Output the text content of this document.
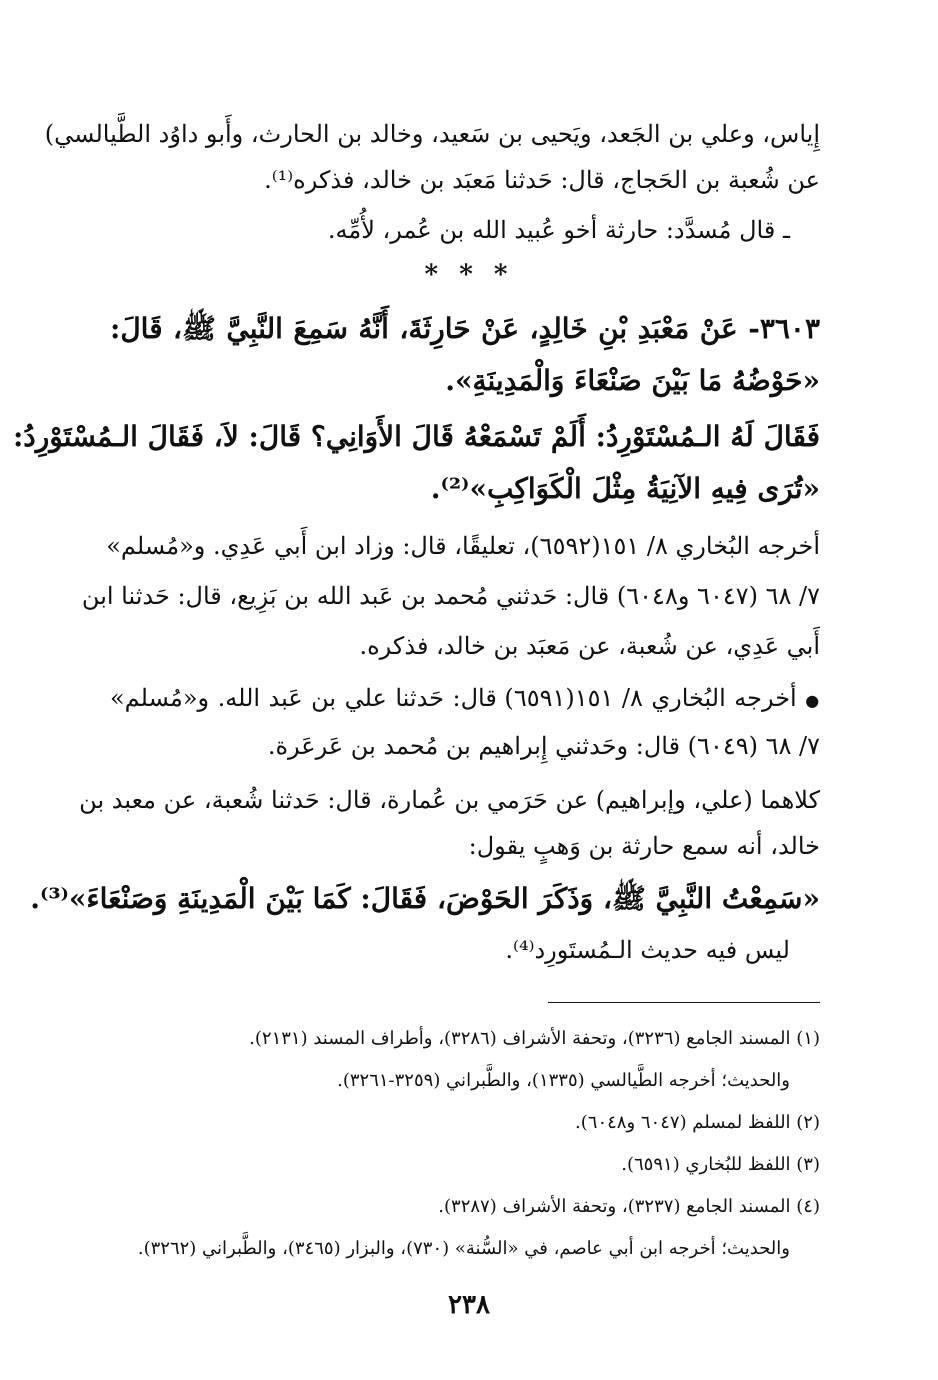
إِياس، وعلي بن الجَعد، ويَحيى بن سَعيد، وخالد بن الحارث، وأَبو داوُد الطَّيالسي)
عن شُعبة بن الحَجاج، قال: حَدثنا مَعبَد بن خالد، فذكره⁽¹⁾.
ـ قال مُسدَّد: حارثة أخو عُبيد الله بن عُمر، لأُمِّه.
* * *
٣٦٠٣- عَنْ مَعْبَدِ بْنِ خَالِدٍ، عَنْ حَارِثَةَ، أَنَّهُ سَمِعَ النَّبِيَّ ﷺ، قَالَ:
«حَوْضُهُ مَا بَيْنَ صَنْعَاءَ وَالْمَدِينَةِ».
فَقَالَ لَهُ الـمُسْتَوْرِدُ: أَلَمْ تَسْمَعْهُ قَالَ الأَوَانِي؟ قَالَ: لاَ، فَقَالَ الـمُسْتَوْرِدُ:
«تُرَى فِيهِ الآنِيَةُ مِثْلَ الْكَوَاكِبِ»⁽²⁾.
أخرجه البُخاري ٨/ ١٥١(٦٥٩٢)، تعليقًا، قال: وزاد ابن أَبي عَدِي. و«مُسلم»
٧/ ٦٨ (٦٠٤٧ و٦٠٤٨) قال: حَدثني مُحمد بن عَبد الله بن بَزِيع، قال: حَدثنا ابن
أَبي عَدِي، عن شُعبة، عن مَعبَد بن خالد، فذكره.
● أخرجه البُخاري ٨/ ١٥١(٦٥٩١) قال: حَدثنا علي بن عَبد الله. و«مُسلم»
٧/ ٦٨ (٦٠٤٩) قال: وحَدثني إِبراهيم بن مُحمد بن عَرعَرة.
كلاهما (علي، وإبراهيم) عن حَرَمي بن عُمارة، قال: حَدثنا شُعبة، عن معبد بن
خالد، أنه سمع حارثة بن وَهبٍ يقول:
«سَمِعْتُ النَّبِيَّ ﷺ، وَذَكَرَ الحَوْضَ، فَقَالَ: كَمَا بَيْنَ الْمَدِينَةِ وَصَنْعَاءَ»⁽³⁾.
ليس فيه حديث الـمُستَورِد⁽⁴⁾.
(١) المسند الجامع (٣٢٣٦)، وتحفة الأشراف (٣٢٨٦)، وأطراف المسند (٢١٣١).
والحديث؛ أخرجه الطَّيالسي (١٣٣٥)، والطَّبراني (٣٢٥٩-٣٢٦١).
(٢) اللفظ لمسلم (٦٠٤٧ و٦٠٤٨).
(٣) اللفظ للبُخاري (٦٥٩١).
(٤) المسند الجامع (٣٢٣٧)، وتحفة الأشراف (٣٢٨٧).
والحديث؛ أخرجه ابن أبي عاصم، في «السُّنة» (٧٣٠)، والبزار (٣٤٦٥)، والطَّبراني (٣٢٦٢).
٢٣٨
